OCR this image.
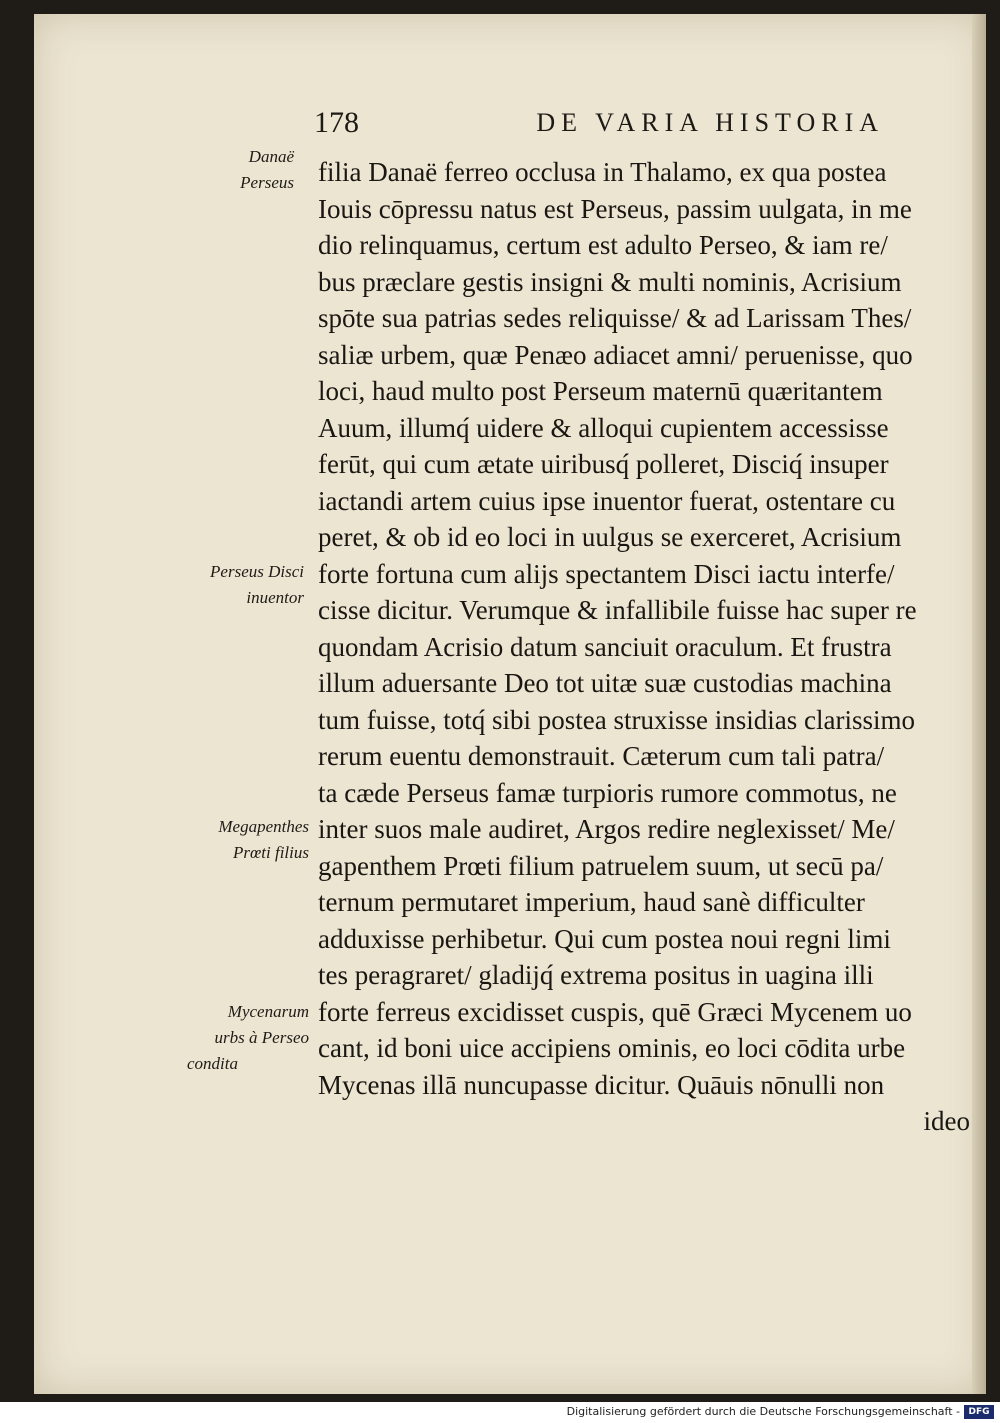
178	DE VARIA HISTORIA
Danaë
Perseus
Perseus Disci
inuentor
Megapenthes
Prœti filius
Mycenarum
urbs à Perseo
condita
filia Danaë ferreo occlusa in Thalamo, ex qua postea
Iouis cōpressu natus est Perseus, passim uulgata, in me
dio relinquamus, certum est adulto Perseo, & iam re/
bus præclare gestis insigni & multi nominis, Acrisium
spōte sua patrias sedes reliquisse/ & ad Larissam Thes/
saliæ urbem, quæ Penæo adiacet amni/ peruenisse, quo
loci, haud multo post Perseum maternū quæritantem
Auum, illumq́ uidere & alloqui cupientem accessisse
ferūt, qui cum ætate uiribusq́ polleret, Disciq́ insuper
iactandi artem cuius ipse inuentor fuerat, ostentare cu
peret, & ob id eo loci in uulgus se exerceret, Acrisium
forte fortuna cum alijs spectantem Disci iactu interfe/
cisse dicitur. Verumque & infallibile fuisse hac super re
quondam Acrisio datum sanciuit oraculum. Et frustra
illum aduersante Deo tot uitæ suæ custodias machina
tum fuisse, totq́ sibi postea struxisse insidias clarissimo
rerum euentu demonstrauit. Cæterum cum tali patra/
ta cæde Perseus famæ turpioris rumore commotus, ne
inter suos male audiret, Argos redire neglexisset/ Me/
gapenthem Prœti filium patruelem suum, ut secū pa/
ternum permutaret imperium, haud sanè difficulter
adduxisse perhibetur. Qui cum postea noui regni limi
tes peragraret/ gladijq́ extrema positus in uagina illi
forte ferreus excidisset cuspis, quē Græci Mycenem uo
cant, id boni uice accipiens ominis, eo loci cōdita urbe
Mycenas illā nuncupasse dicitur. Quāuis nōnulli non
ideo
Digitalisierung gefördert durch die Deutsche Forschungsgemeinschaft - DFG
